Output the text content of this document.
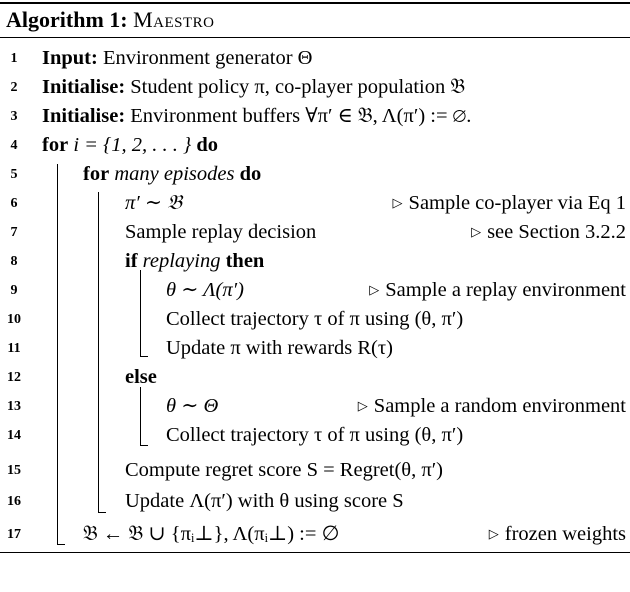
Algorithm 1: Maestro
1	Input: Environment generator Θ
2	Initialise: Student policy π, co-player population 𝔅
3	Initialise: Environment buffers ∀π′ ∈ 𝔅, Λ(π′) := ∅.
4	for i = {1, 2, . . . } do
5	for many episodes do
6	π′ ∼ 𝔅	▷ Sample co-player via Eq 1
7	Sample replay decision	▷ see Section 3.2.2
8	if replaying then
9	θ ∼ Λ(π′)	▷ Sample a replay environment
10	Collect trajectory τ of π using (θ, π′)
11	Update π with rewards R(τ)
12	else
13	θ ∼ Θ	▷ Sample a random environment
14	Collect trajectory τ of π using (θ, π′)
15	Compute regret score S = Regret(θ, π′)
16	Update Λ(π′) with θ using score S
17	𝔅 ← 𝔅 ∪ {πᵢ⊥}, Λ(πᵢ⊥) := ∅	▷ frozen weights
